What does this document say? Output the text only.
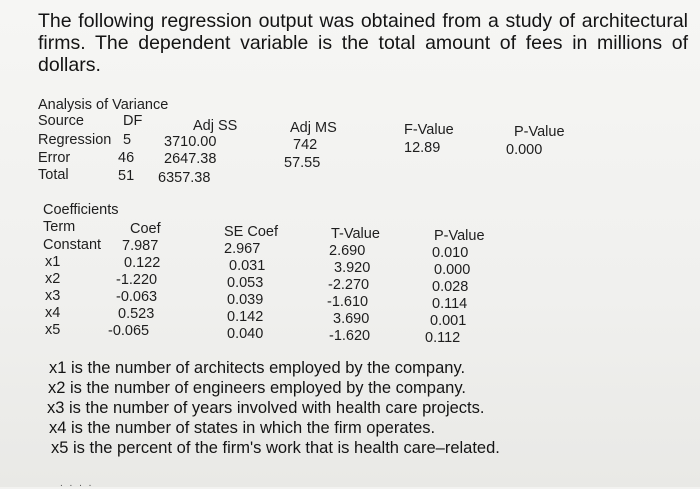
The following regression output was obtained from a study of architectural firms. The dependent variable is the total amount of fees in millions of dollars.
Analysis of Variance
Source	DF	Adj SS	Adj MS	F-Value	P-Value
Regression 5 3710.00	742	12.89	0.000
Error	46 2647.38	57.55
Total	51 6357.38
Coefficients
Term	Coef	SE Coef	T-Value	P-Value
Constant 7.987	2.967	2.690	0.010
x1	0.122	0.031	3.920	0.000
x2	-1.220	0.053	-2.270	0.028
x3	-0.063	0.039	-1.610	0.114
x4	0.523	0.142	3.690	0.001
x5	-0.065	0.040	-1.620	0.112
x1 is the number of architects employed by the company.
x2 is the number of engineers employed by the company.
x3 is the number of years involved with health care projects.
x4 is the number of states in which the firm operates.
x5 is the percent of the firm's work that is health care–related.
. . . .
